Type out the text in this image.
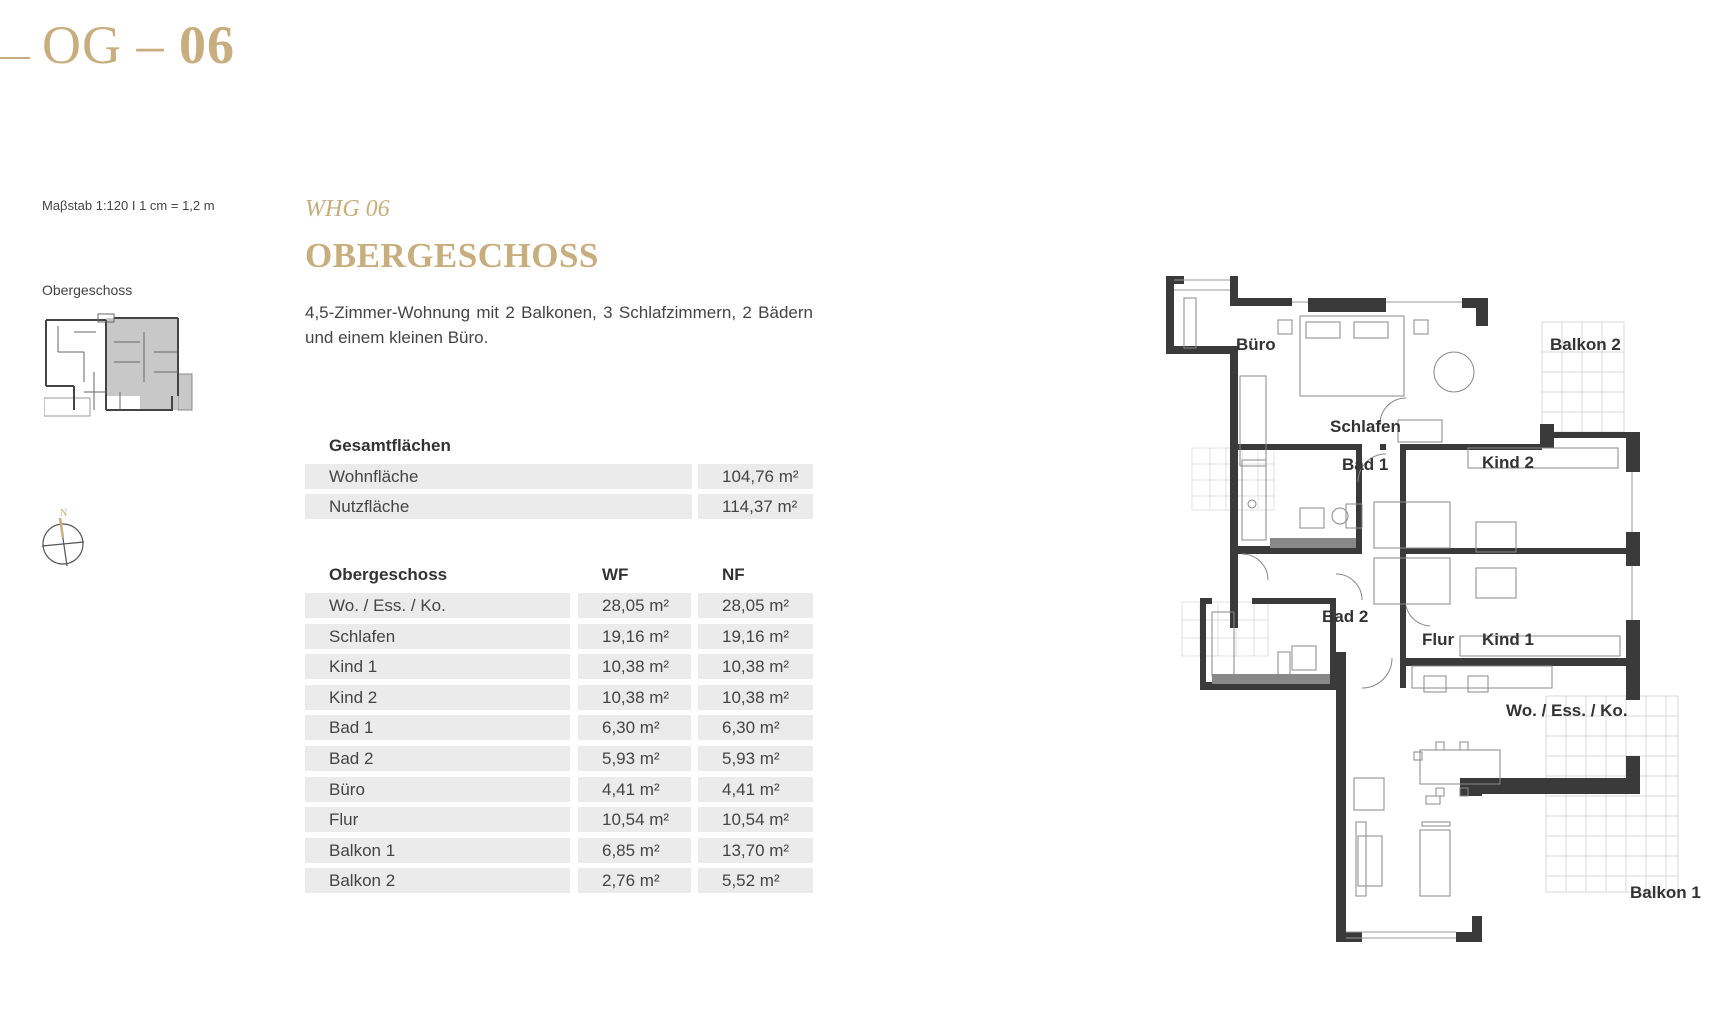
OG – 06
Maβstab 1:120 I 1 cm = 1,2 m
Obergeschoss
N
WHG 06
OBERGESCHOSS
4,5-Zimmer-Wohnung mit 2 Balkonen, 3 Schlafzimmern, 2 Bädern und einem kleinen Büro.
Gesamtflächen
Wohnfläche	104,76 m²
Nutzfläche	114,37 m²
Obergeschoss	WF	NF
Wo. / Ess. / Ko.	28,05 m²	28,05 m²
Schlafen	19,16 m²	19,16 m²
Kind 1	10,38 m²	10,38 m²
Kind 2	10,38 m²	10,38 m²
Bad 1	6,30 m²	6,30 m²
Bad 2	5,93 m²	5,93 m²
Büro	4,41 m²	4,41 m²
Flur	10,54 m²	10,54 m²
Balkon 1	6,85 m²	13,70 m²
Balkon 2	2,76 m²	5,52 m²
Büro	Balkon 2
Schlafen
Bad 1	Kind 2
Bad 2
Flur Kind 1
Wo. / Ess. / Ko.
Balkon 1
